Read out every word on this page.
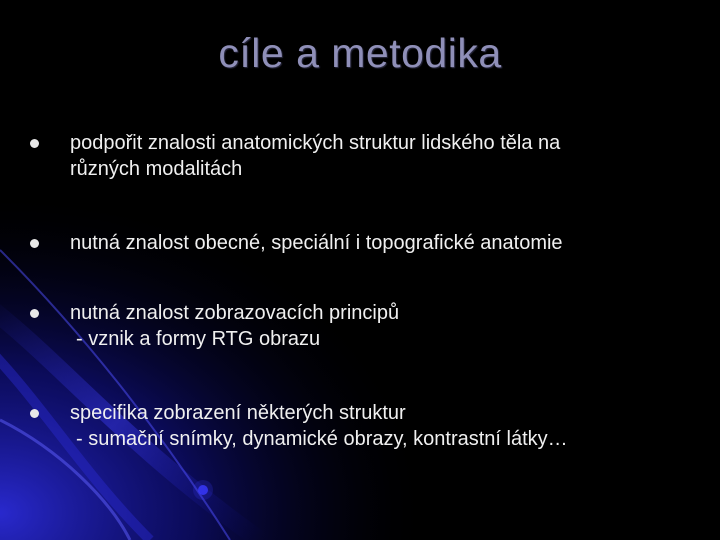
cíle a metodika
podpořit znalosti anatomických struktur lidského těla na
různých modalitách
nutná znalost obecné, speciální i topografické anatomie
nutná znalost zobrazovacích principů
- vznik a formy RTG obrazu
specifika zobrazení některých struktur
- sumační snímky, dynamické obrazy, kontrastní látky…
